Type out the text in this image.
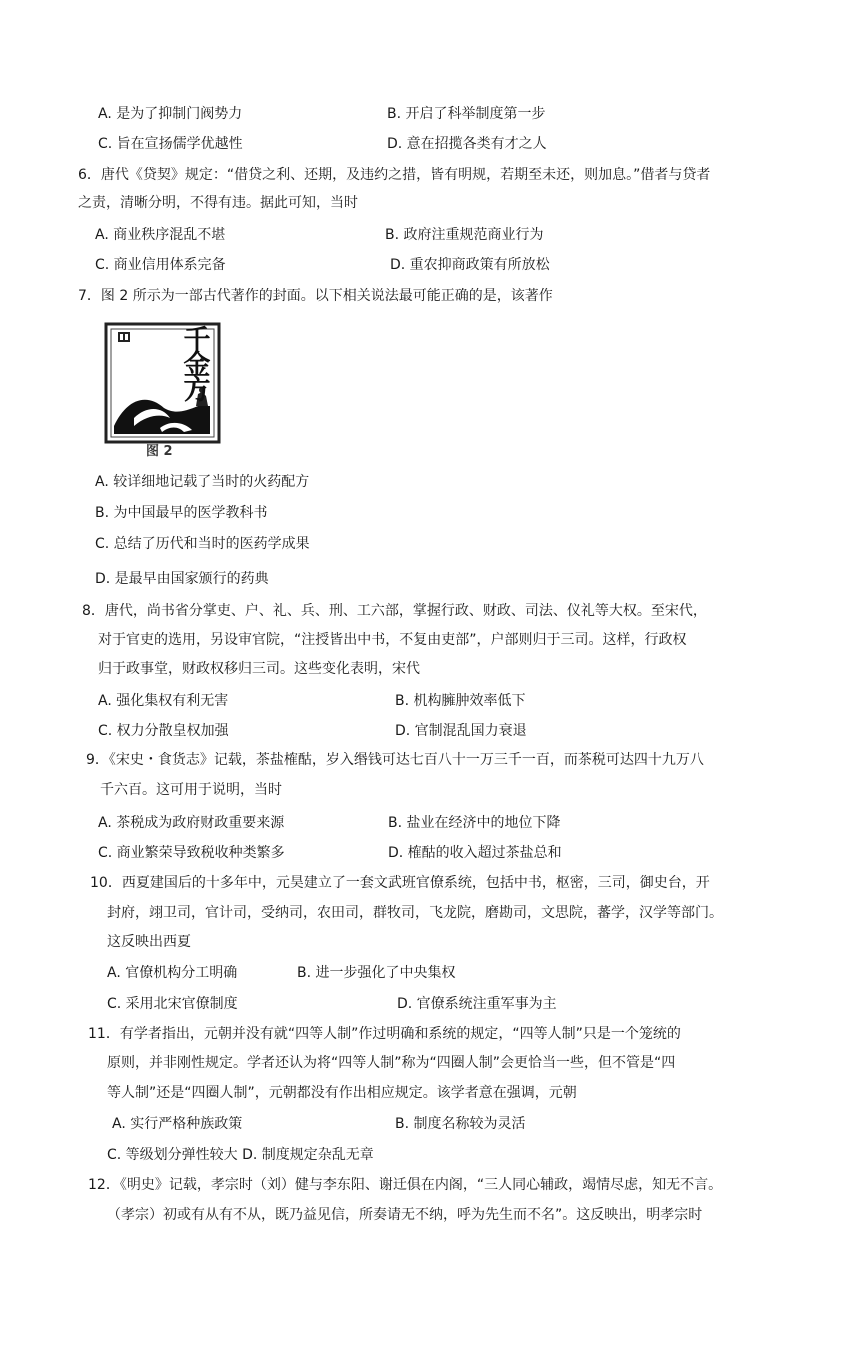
A. 是为了抑制门阀势力	B. 开启了科举制度第一步
C. 旨在宣扬儒学优越性	D. 意在招揽各类有才之人
6．唐代《贷契》规定：“借贷之利、还期，及违约之措，皆有明规，若期至未还，则加息。”借者与贷者
之责，清晰分明，不得有违。据此可知，当时
A. 商业秩序混乱不堪	B. 政府注重规范商业行为
C. 商业信用体系完备	D. 重农抑商政策有所放松
7．图 2 所示为一部古代著作的封面。以下相关说法最可能正确的是，该著作
千金方
图 2
A. 较详细地记载了当时的火药配方
B. 为中国最早的医学教科书
C. 总结了历代和当时的医药学成果
D. 是最早由国家颁行的药典
8．唐代，尚书省分掌吏、户、礼、兵、刑、工六部，掌握行政、财政、司法、仪礼等大权。至宋代，
对于官吏的选用，另设审官院，“注授皆出中书，不复由吏部”，户部则归于三司。这样，行政权
归于政事堂，财政权移归三司。这些变化表明，宋代
A. 强化集权有利无害	B. 机构臃肿效率低下
C. 权力分散皇权加强	D. 官制混乱国力衰退
9．《宋史・食货志》记载，茶盐榷酤，岁入缗钱可达七百八十一万三千一百，而茶税可达四十九万八
千六百。这可用于说明，当时
A. 茶税成为政府财政重要来源	B. 盐业在经济中的地位下降
C. 商业繁荣导致税收种类繁多	D. 榷酤的收入超过茶盐总和
10．西夏建国后的十多年中，元昊建立了一套文武班官僚系统，包括中书，枢密，三司，御史台，开
封府，翊卫司，官计司，受纳司，农田司，群牧司，飞龙院，磨勘司，文思院，蕃学，汉学等部门。
这反映出西夏
A. 官僚机构分工明确	B. 进一步强化了中央集权
C. 采用北宋官僚制度	D. 官僚系统注重军事为主
11．有学者指出，元朝并没有就“四等人制”作过明确和系统的规定，“四等人制”只是一个笼统的
原则，并非刚性规定。学者还认为将“四等人制”称为“四圈人制”会更恰当一些，但不管是“四
等人制”还是“四圈人制”，元朝都没有作出相应规定。该学者意在强调，元朝
A. 实行严格种族政策	B. 制度名称较为灵活
C. 等级划分弹性较大 D. 制度规定杂乱无章
12．《明史》记载，孝宗时（刘）健与李东阳、谢迁俱在内阁，“三人同心辅政，竭情尽虑，知无不言。
（孝宗）初或有从有不从，既乃益见信，所奏请无不纳，呼为先生而不名”。这反映出，明孝宗时
